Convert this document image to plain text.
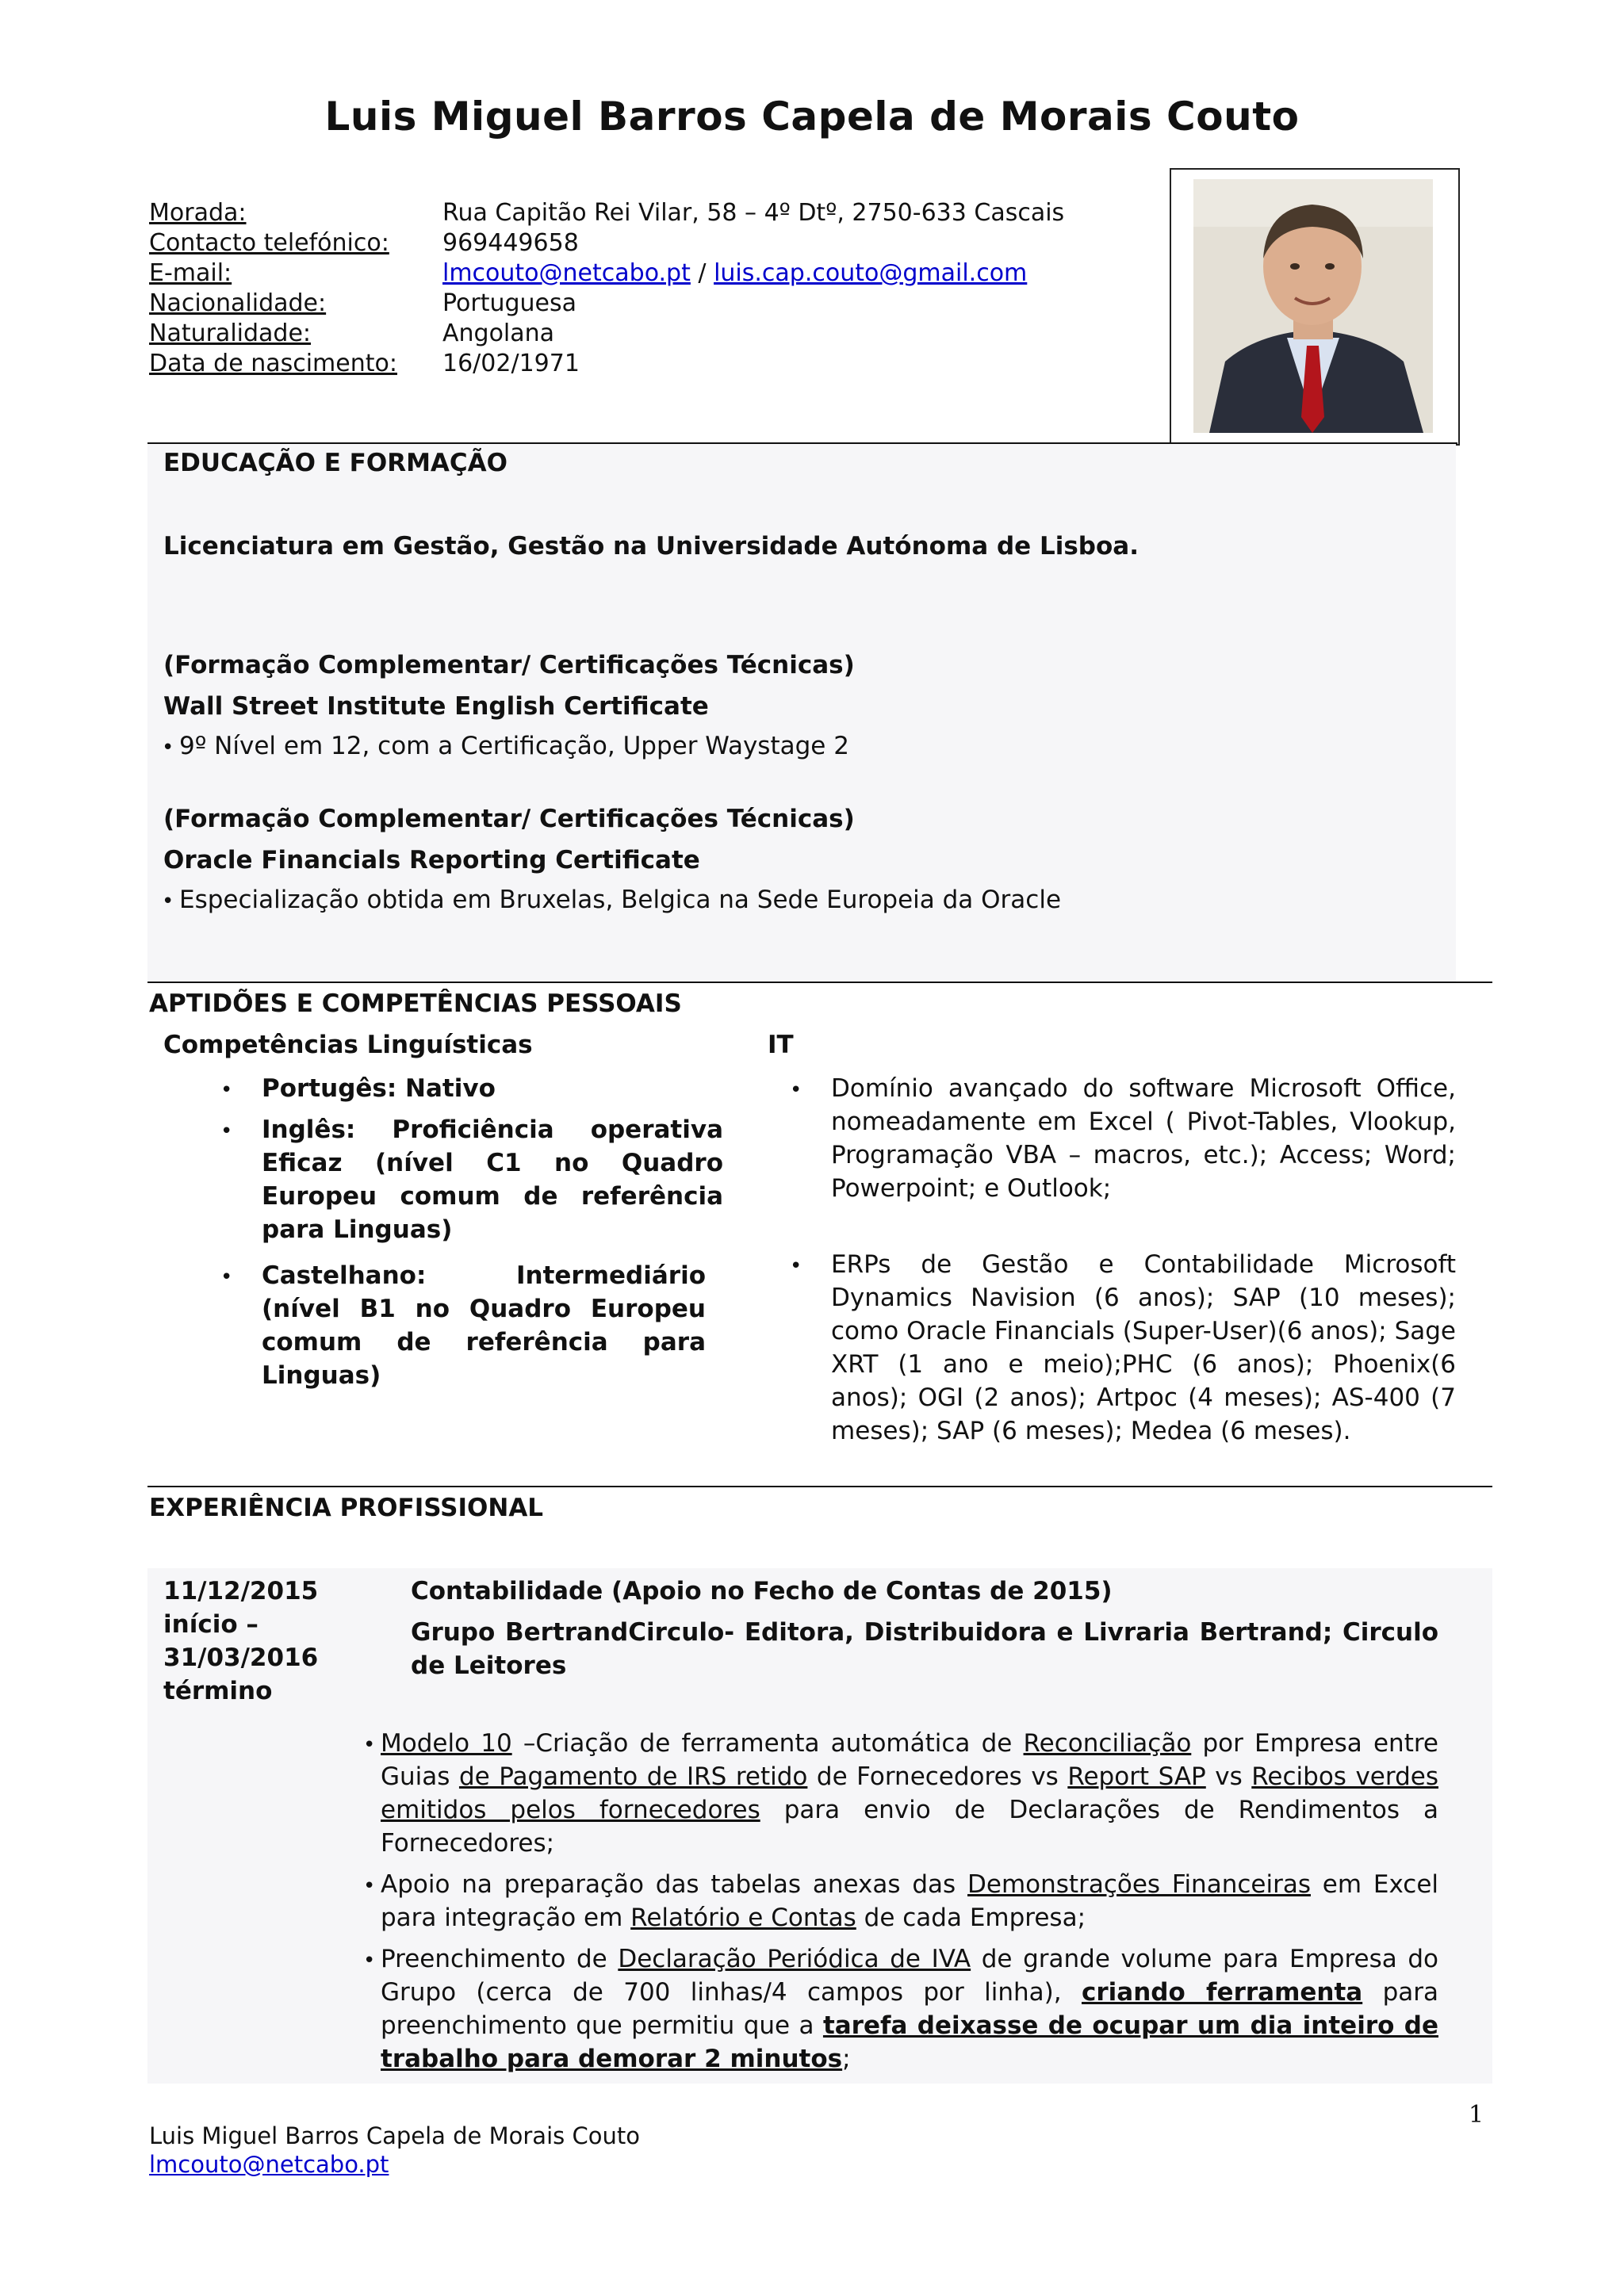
Luis Miguel Barros Capela de Morais Couto
Morada:	Rua Capitão Rei Vilar, 58 – 4º Dtº, 2750-633 Cascais
Contacto telefónico: 969449658
E-mail:	lmcouto@netcabo.pt / luis.cap.couto@gmail.com
Nacionalidade:	Portuguesa
Naturalidade:	Angolana
Data de nascimento: 16/02/1971
EDUCAÇÃO E FORMAÇÃO
Licenciatura em Gestão, Gestão na Universidade Autónoma de Lisboa.
(Formação Complementar/ Certificações Técnicas)
Wall Street Institute English Certificate
• 9º Nível em 12, com a Certificação, Upper Waystage 2
(Formação Complementar/ Certificações Técnicas)
Oracle Financials Reporting Certificate
• Especialização obtida em Bruxelas, Belgica na Sede Europeia da Oracle
APTIDÕES E COMPETÊNCIAS PESSOAIS
Competências Linguísticas	IT
• Portugês: Nativo
• Inglês: Proficiência operativa Eficaz (nível C1 no Quadro Europeu comum de referência para Linguas)
• Castelhano: Intermediário (nível B1 no Quadro Europeu comum de referência para Linguas)
• Domínio avançado do software Microsoft Office, nomeadamente em Excel ( Pivot-Tables, Vlookup, Programação VBA – macros, etc.); Access; Word; Powerpoint; e Outlook;
• ERPs de Gestão e Contabilidade Microsoft Dynamics Navision (6 anos); SAP (10 meses); como Oracle Financials (Super-User)(6 anos); Sage XRT (1 ano e meio);PHC (6 anos); Phoenix(6 anos); OGI (2 anos); Artpoc (4 meses); AS-400 (7 meses); SAP (6 meses); Medea (6 meses).
EXPERIÊNCIA PROFISSIONAL
11/12/2015
início –
31/03/2016
término
Contabilidade (Apoio no Fecho de Contas de 2015)
Grupo BertrandCirculo- Editora, Distribuidora e Livraria Bertrand; Circulo de Leitores
• Modelo 10 –Criação de ferramenta automática de Reconciliação por Empresa entre Guias de Pagamento de IRS retido de Fornecedores vs Report SAP vs Recibos verdes emitidos pelos fornecedores para envio de Declarações de Rendimentos a Fornecedores;
• Apoio na preparação das tabelas anexas das Demonstrações Financeiras em Excel para integração em Relatório e Contas de cada Empresa;
• Preenchimento de Declaração Periódica de IVA de grande volume para Empresa do Grupo (cerca de 700 linhas/4 campos por linha), criando ferramenta para preenchimento que permitiu que a tarefa deixasse de ocupar um dia inteiro de trabalho para demorar 2 minutos;
1
Luis Miguel Barros Capela de Morais Couto
lmcouto@netcabo.pt
